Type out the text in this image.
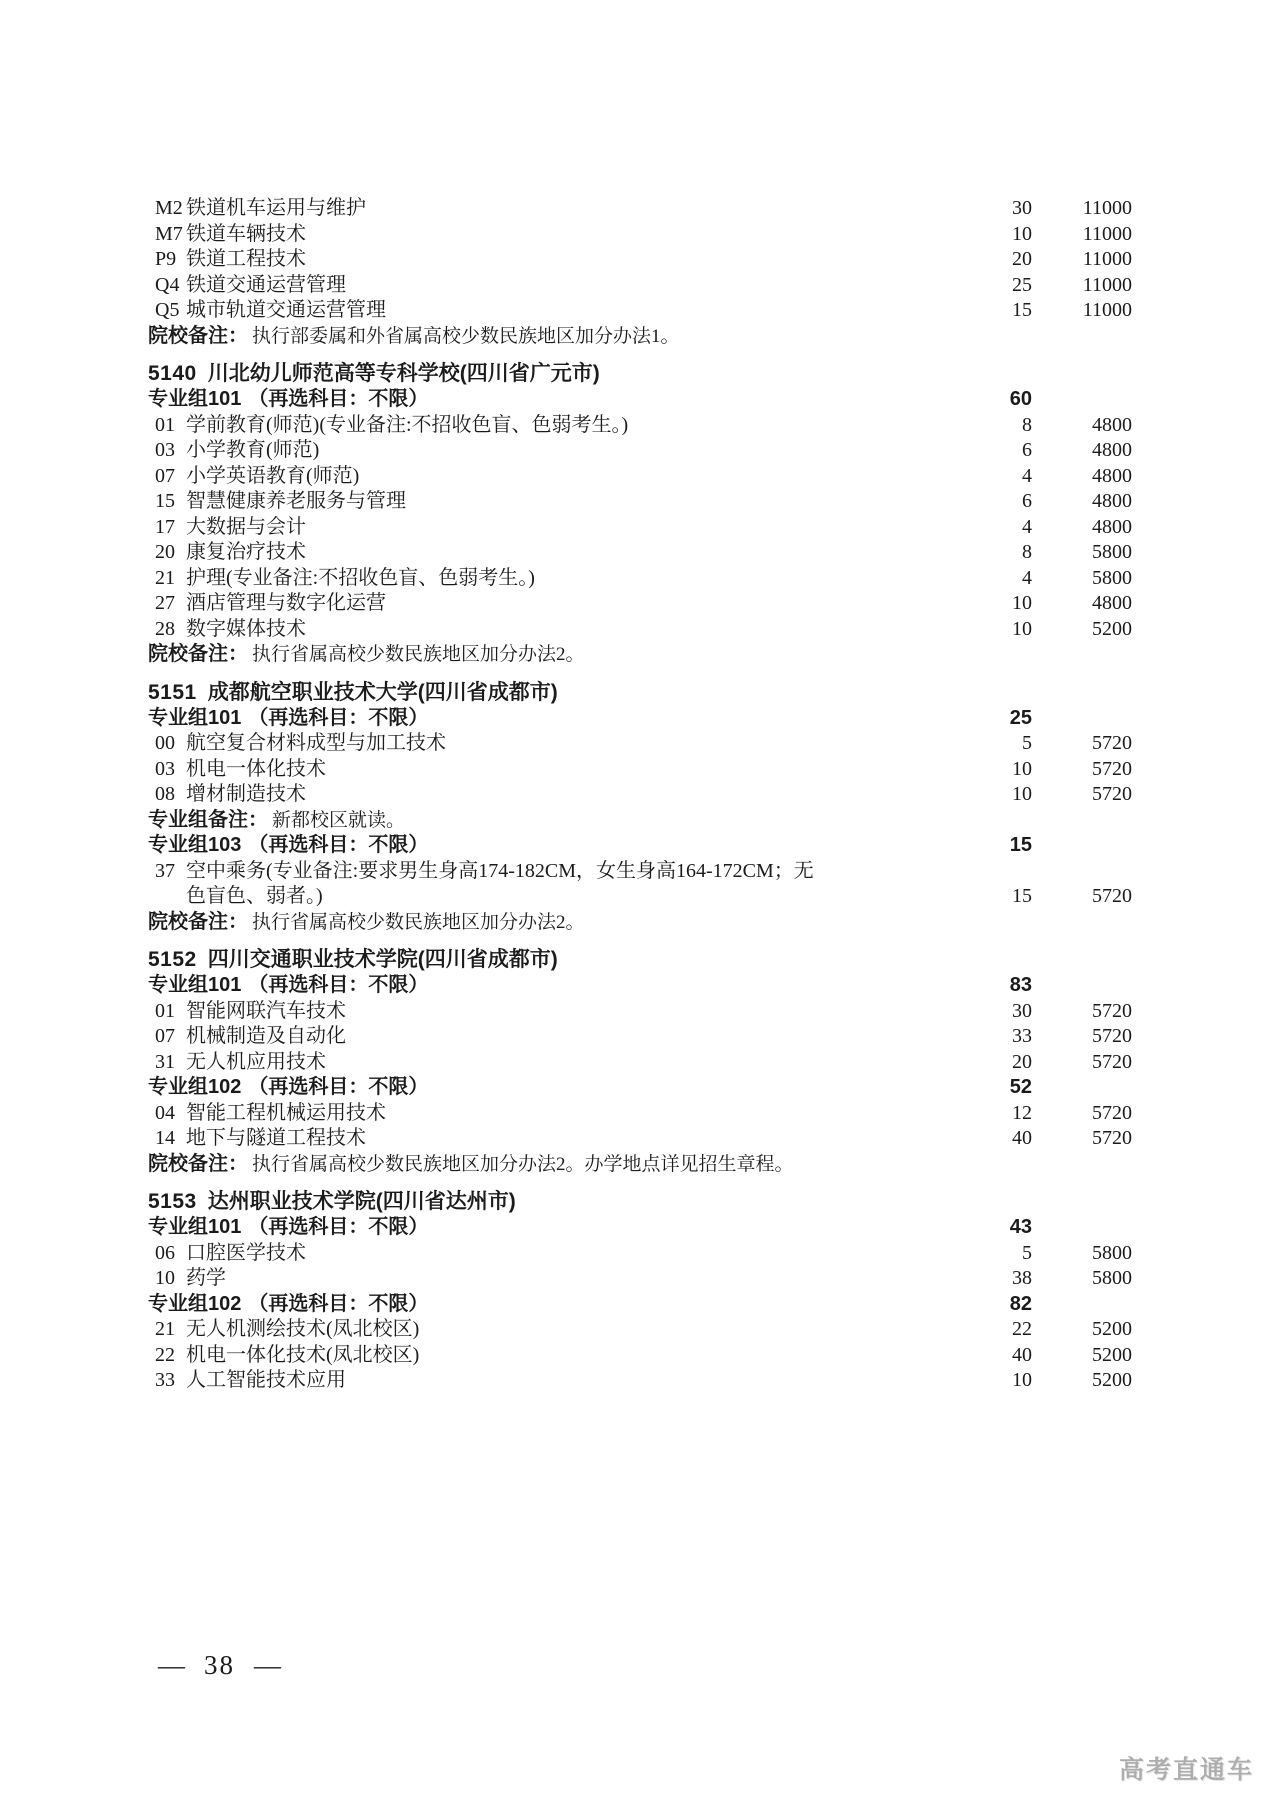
M2 铁道机车运用与维护	30	11000
M7 铁道车辆技术	10	11000
P9 铁道工程技术	20	11000
Q4 铁道交通运营管理	25	11000
Q5 城市轨道交通运营管理	15	11000
院校备注： 执行部委属和外省属高校少数民族地区加分办法1。
5140 川北幼儿师范高等专科学校(四川省广元市)
专业组101 （再选科目：不限）	60
01 学前教育(师范)(专业备注:不招收色盲、色弱考生。)	8	4800
03 小学教育(师范)	6	4800
07 小学英语教育(师范)	4	4800
15 智慧健康养老服务与管理	6	4800
17 大数据与会计	4	4800
20 康复治疗技术	8	5800
21 护理(专业备注:不招收色盲、色弱考生。)	4	5800
27 酒店管理与数字化运营	10	4800
28 数字媒体技术	10	5200
院校备注： 执行省属高校少数民族地区加分办法2。
5151 成都航空职业技术大学(四川省成都市)
专业组101 （再选科目：不限）	25
00 航空复合材料成型与加工技术	5	5720
03 机电一体化技术	10	5720
08 增材制造技术	10	5720
专业组备注： 新都校区就读。
专业组103 （再选科目：不限）	15
37 空中乘务(专业备注:要求男生身高174-182CM，女生身高164-172CM；无
色盲色、弱者。)	15	5720
院校备注： 执行省属高校少数民族地区加分办法2。
5152 四川交通职业技术学院(四川省成都市)
专业组101 （再选科目：不限）	83
01 智能网联汽车技术	30	5720
07 机械制造及自动化	33	5720
31 无人机应用技术	20	5720
专业组102 （再选科目：不限）	52
04 智能工程机械运用技术	12	5720
14 地下与隧道工程技术	40	5720
院校备注： 执行省属高校少数民族地区加分办法2。办学地点详见招生章程。
5153 达州职业技术学院(四川省达州市)
专业组101 （再选科目：不限）	43
06 口腔医学技术	5	5800
10 药学	38	5800
专业组102 （再选科目：不限）	82
21 无人机测绘技术(凤北校区)	22	5200
22 机电一体化技术(凤北校区)	40	5200
33 人工智能技术应用	10	5200
— 38 —
高考直通车
